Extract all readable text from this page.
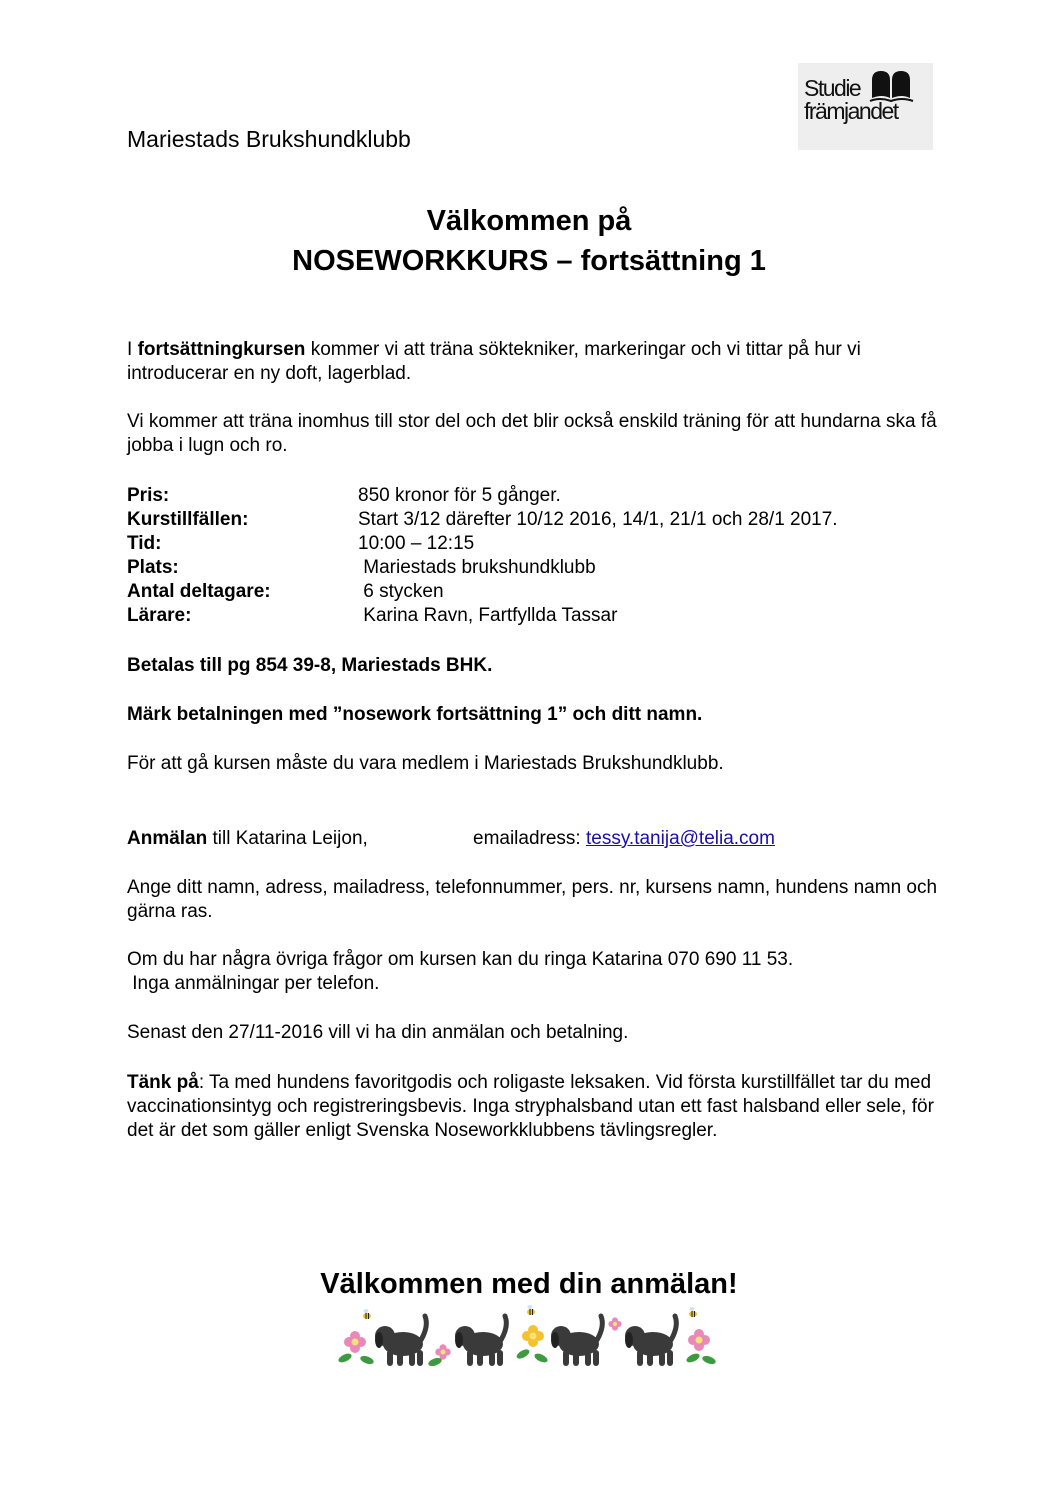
Mariestads Brukshundklubb
Studie
främjandet
Välkommen på
NOSEWORKKURS – fortsättning 1

I fortsättningkursen kommer vi att träna söktekniker, markeringar och vi tittar på hur vi introducerar en ny doft, lagerblad.

Vi kommer att träna inomhus till stor del och det blir också enskild träning för att hundarna ska få jobba i lugn och ro.

Pris:	850 kronor för 5 gånger.
Kurstillfällen:	Start 3/12 därefter 10/12 2016, 14/1, 21/1 och 28/1 2017.
Tid:	10:00 – 12:15
Plats:	Mariestads brukshundklubb
Antal deltagare:	6 stycken
Lärare:	Karina Ravn, Fartfyllda Tassar

Betalas till pg 854 39-8, Mariestads BHK.

Märk betalningen med ”nosework fortsättning 1” och ditt namn.

För att gå kursen måste du vara medlem i Mariestads Brukshundklubb.

Anmälan till Katarina Leijon,	emailadress: tessy.tanija@telia.com

Ange ditt namn, adress, mailadress, telefonnummer, pers. nr, kursens namn, hundens namn och gärna ras.

Om du har några övriga frågor om kursen kan du ringa Katarina 070 690 11 53.

Inga anmälningar per telefon.

Senast den 27/11-2016 vill vi ha din anmälan och betalning.

Tänk på: Ta med hundens favoritgodis och roligaste leksaken. Vid första kurstillfället tar du med vaccinationsintyg och registreringsbevis. Inga stryphalsband utan ett fast halsband eller sele, för det är det som gäller enligt Svenska Noseworkklubbens tävlingsregler.

Välkommen med din anmälan!
